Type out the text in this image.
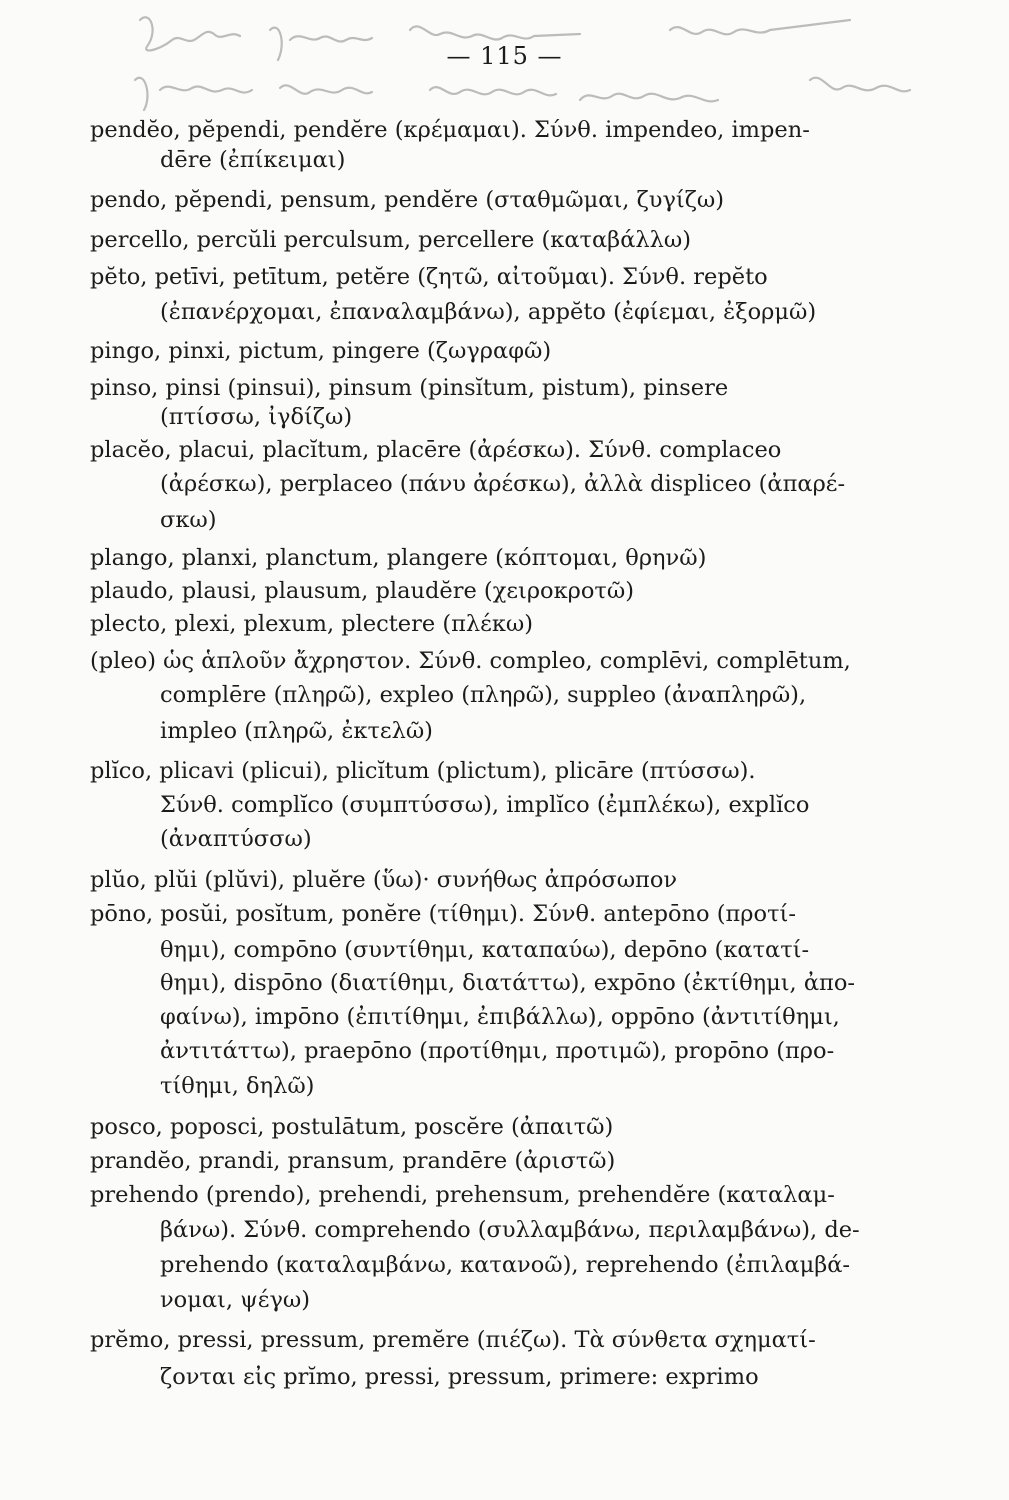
— 115 —
pendĕo, pĕpendi, pendĕre (κρέμαμαι). Σύνθ. impendeo, impen-
dēre (ἐπίκειμαι)
pendo, pĕpendi, pensum, pendĕre (σταθμῶμαι, ζυγίζω)
percello, percŭli perculsum, percellere (καταβάλλω)
pĕto, petīvi, petītum, petĕre (ζητῶ, αἰτοῦμαι). Σύνθ. repĕto
(ἐπανέρχομαι, ἐπαναλαμβάνω), appĕto (ἐφίεμαι, ἐξορμῶ)
pingo, pinxi, pictum, pingere (ζωγραφῶ)
pinso, pinsi (pinsui), pinsum (pinsĭtum, pistum), pinsere
(πτίσσω, ἰγδίζω)
placĕo, placui, placĭtum, placēre (ἀρέσκω). Σύνθ. complaceo
(ἀρέσκω), perplaceo (πάνυ ἀρέσκω), ἀλλὰ displiceo (ἀπαρέ-
σκω)
plango, planxi, planctum, plangere (κόπτομαι, θρηνῶ)
plaudo, plausi, plausum, plaudĕre (χειροκροτῶ)
plecto, plexi, plexum, plectere (πλέκω)
(pleo) ὡς ἁπλοῦν ἄχρηστον. Σύνθ. compleo, complēvi, complētum,
complēre (πληρῶ), expleo (πληρῶ), suppleo (ἀναπληρῶ),
impleo (πληρῶ, ἐκτελῶ)
plĭco, plicavi (plicui), plicĭtum (plictum), plicāre (πτύσσω).
Σύνθ. complĭco (συμπτύσσω), implĭco (ἐμπλέκω), explĭco
(ἀναπτύσσω)
plŭo, plŭi (plŭvi), pluĕre (ὕω)· συνήθως ἀπρόσωπον
pōno, posŭi, posĭtum, ponĕre (τίθημι). Σύνθ. antepōno (προτί-
θημι), compōno (συντίθημι, καταπαύω), depōno (κατατί-
θημι), dispōno (διατίθημι, διατάττω), expōno (ἐκτίθημι, ἀπο-
φαίνω), impōno (ἐπιτίθημι, ἐπιβάλλω), oppōno (ἀντιτίθημι,
ἀντιτάττω), praepōno (προτίθημι, προτιμῶ), propōno (προ-
τίθημι, δηλῶ)
posco, poposci, postulātum, poscĕre (ἀπαιτῶ)
prandĕo, prandi, pransum, prandēre (ἀριστῶ)
prehendo (prendo), prehendi, prehensum, prehendĕre (καταλαμ-
βάνω). Σύνθ. comprehendo (συλλαμβάνω, περιλαμβάνω), de-
prehendo (καταλαμβάνω, κατανοῶ), reprehendo (ἐπιλαμβά-
νομαι, ψέγω)
prĕmo, pressi, pressum, premĕre (πιέζω). Τὰ σύνθετα σχηματί-
ζονται εἰς prĭmo, pressi, pressum, primere: exprimo
